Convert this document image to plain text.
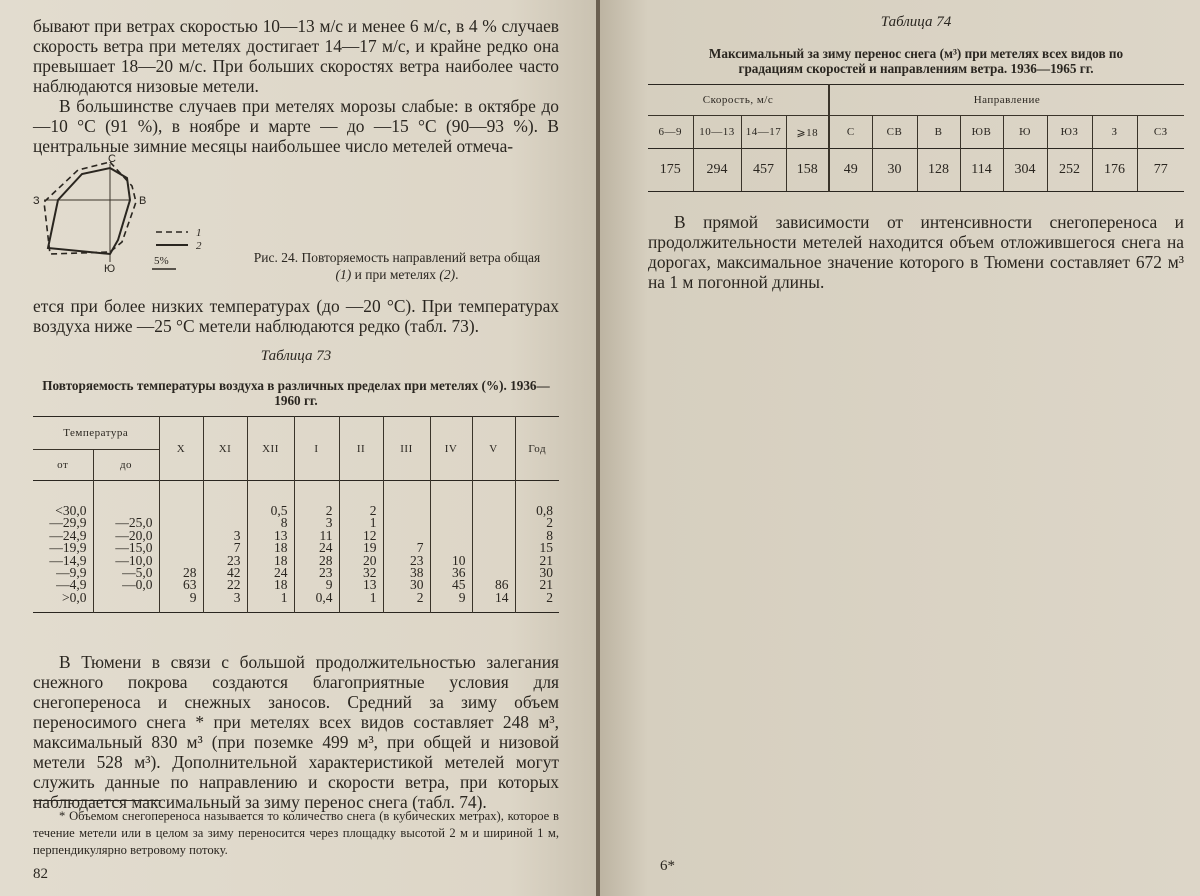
бывают при ветрах скоростью 10—13 м/с и менее 6 м/с, в 4 % случаев скорость ветра при метелях достигает 14—17 м/с, и крайне редко она превышает 18—20 м/с. При больших скоростях ветра наиболее часто наблюдаются низовые метели.

В большинстве случаев при метелях морозы слабые: в октябре до —10 °С (91 %), в ноябре и марте — до —15 °С (90—93 %). В центральные зимние месяцы наибольшее число метелей отмеча-

С
Ю
З	В
1
2
5%	Рис. 24. Повторяемость направлений ветра общая
(1) и при метелях (2).

ется при более низких температурах (до —20 °С). При температурах воздуха ниже —25 °С метели наблюдаются редко (табл. 73).

Таблица 73
Повторяемость температуры воздуха в различных пределах при метелях (%). 1936—1960 гг.
Температура		X	XI	XII	I	II	III	IV	V	Год
от	до									

<30,0				0,5	2	2				0,8
—29,9	—25,0			8	3	1				2
—24,9	—20,0		3	13	11	12				8
—19,9	—15,0		7	18	24	19	7			15
—14,9	—10,0		23	18	28	20	23	10		21
—9,9	—5,0	28	42	24	23	32	38	36		30
—4,9	—0,0	63	22	18	9	13	30	45	86	21
>0,0		9	3	1	0,4	1	2	9	14	2

В Тюмени в связи с большой продолжительностью залегания снежного покрова создаются благоприятные условия для снегопереноса и снежных заносов. Средний за зиму объем переносимого снега * при метелях всех видов составляет 248 м³, максимальный 830 м³ (при поземке 499 м³, при общей и низовой метели 528 м³). Дополнительной характеристикой метелей могут служить данные по направлению и скорости ветра, при которых наблюдается максимальный за зиму перенос снега (табл. 74).

* Объемом снегопереноса называется то количество снега (в кубических метрах), которое в течение метели или в целом за зиму переносится через площадку высотой 2 м и шириной 1 м, перпендикулярно ветровому потоку.

82
Таблица 74
Максимальный за зиму перенос снега (м³) при метелях всех видов по градациям скоростей и направлениям ветра. 1936—1965 гг.
Скорость, м/с				Направление							
6—9	10—13	14—17	⩾18	С	СВ	В	ЮВ	Ю	ЮЗ	З	СЗ
175	294	457	158	49	30	128	114	304	252	176	77

В прямой зависимости от интенсивности снегопереноса и продолжительности метелей находится объем отложившегося снега на дорогах, максимальное значение которого в Тюмени составляет 672 м³ на 1 м погонной длины.

6*
